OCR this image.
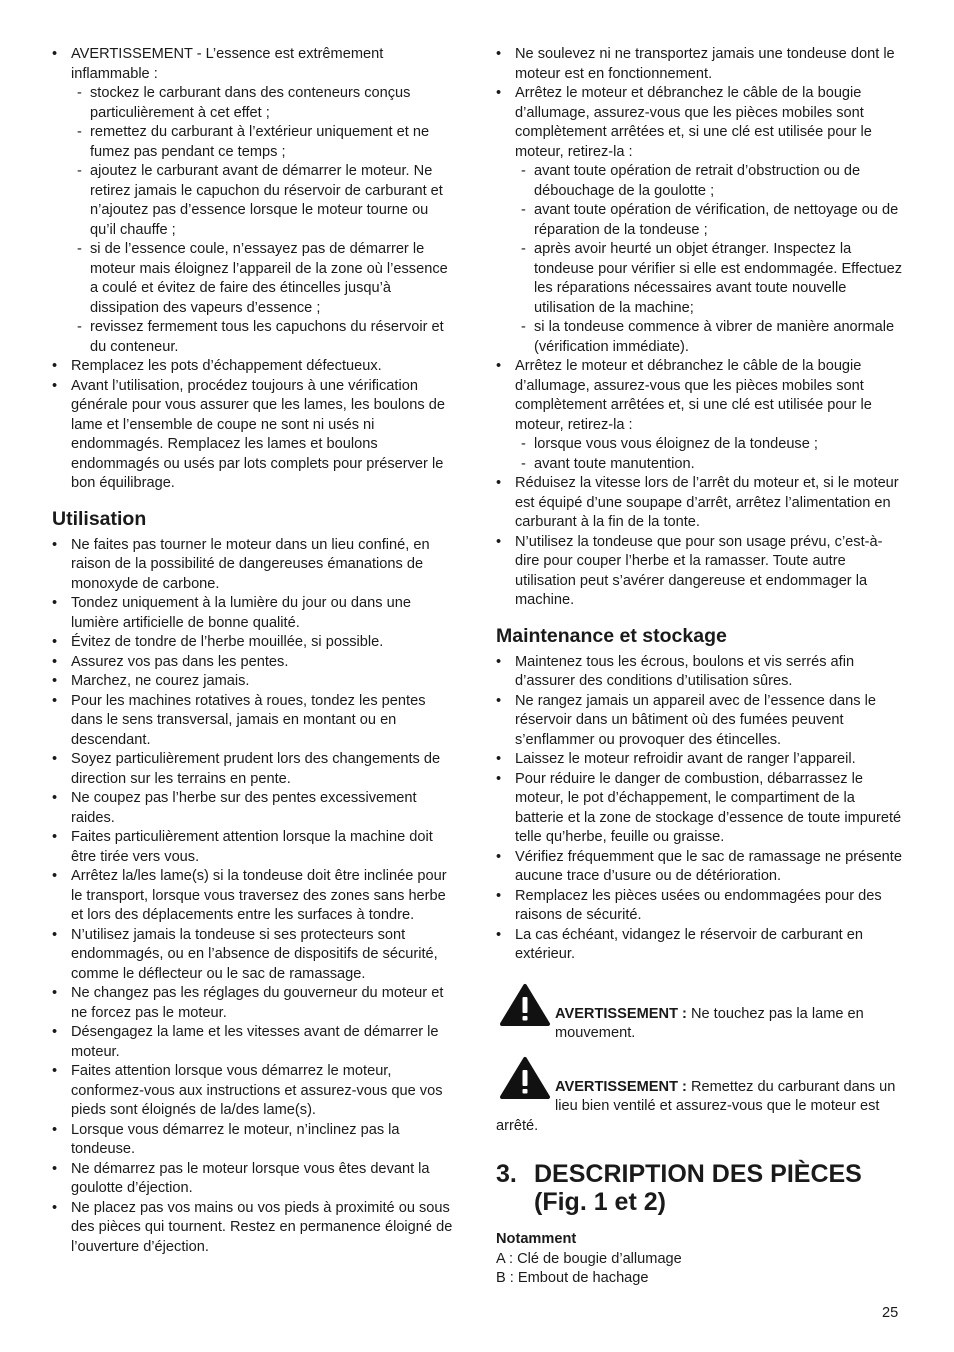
• AVERTISSEMENT - L’essence est extrêmement inflammable :
- stockez le carburant dans des conteneurs conçus particulièrement à cet effet ;
- remettez du carburant à l’extérieur uniquement et ne fumez pas pendant ce temps ;
- ajoutez le carburant avant de démarrer le moteur. Ne retirez jamais le capuchon du réservoir de carburant et n’ajoutez pas d’essence lorsque le moteur tourne ou qu’il chauffe ;
- si de l’essence coule, n’essayez pas de démarrer le moteur mais éloignez l’appareil de la zone où l’essence a coulé et évitez de faire des étincelles jusqu’à dissipation des vapeurs d’essence ;
- revissez fermement tous les capuchons du réservoir et du conteneur.
• Remplacez les pots d’échappement défectueux.
• Avant l’utilisation, procédez toujours à une vérification générale pour vous assurer que les lames, les boulons de lame et l’ensemble de coupe ne sont ni usés ni endommagés. Remplacez les lames et boulons endommagés ou usés par lots complets pour préserver le bon équilibrage.
Utilisation
• Ne faites pas tourner le moteur dans un lieu confiné, en raison de la possibilité de dangereuses émanations de monoxyde de carbone.
• Tondez uniquement à la lumière du jour ou dans une lumière artificielle de bonne qualité.
• Évitez de tondre de l’herbe mouillée, si possible.
• Assurez vos pas dans les pentes.
• Marchez, ne courez jamais.
• Pour les machines rotatives à roues, tondez les pentes dans le sens transversal, jamais en montant ou en descendant.
• Soyez particulièrement prudent lors des changements de direction sur les terrains en pente.
• Ne coupez pas l’herbe sur des pentes excessivement raides.
• Faites particulièrement attention lorsque la machine doit être tirée vers vous.
• Arrêtez la/les lame(s) si la tondeuse doit être inclinée pour le transport, lorsque vous traversez des zones sans herbe et lors des déplacements entre les surfaces à tondre.
• N’utilisez jamais la tondeuse si ses protecteurs sont endommagés, ou en l’absence de dispositifs de sécurité, comme le déflecteur ou le sac de ramassage.
• Ne changez pas les réglages du gouverneur du moteur et ne forcez pas le moteur.
• Désengagez la lame et les vitesses avant de démarrer le moteur.
• Faites attention lorsque vous démarrez le moteur, conformez-vous aux instructions et assurez-vous que vos pieds sont éloignés de la/des lame(s).
• Lorsque vous démarrez le moteur, n’inclinez pas la tondeuse.
• Ne démarrez pas le moteur lorsque vous êtes devant la goulotte d’éjection.
• Ne placez pas vos mains ou vos pieds à proximité ou sous des pièces qui tournent. Restez en permanence éloigné de l’ouverture d’éjection.
• Ne soulevez ni ne transportez jamais une tondeuse dont le moteur est en fonctionnement.
• Arrêtez le moteur et débranchez le câble de la bougie d’allumage, assurez-vous que les pièces mobiles sont complètement arrêtées et, si une clé est utilisée pour le moteur, retirez-la :
- avant toute opération de retrait d’obstruction ou de débouchage de la goulotte ;
- avant toute opération de vérification, de nettoyage ou de réparation de la tondeuse ;
- après avoir heurté un objet étranger. Inspectez la tondeuse pour vérifier si elle est endommagée. Effectuez les réparations nécessaires avant toute nouvelle utilisation de la machine;
- si la tondeuse commence à vibrer de manière anormale (vérification immédiate).
• Arrêtez le moteur et débranchez le câble de la bougie d’allumage, assurez-vous que les pièces mobiles sont complètement arrêtées et, si une clé est utilisée pour le moteur, retirez-la :
- lorsque vous vous éloignez de la tondeuse ;
- avant toute manutention.
• Réduisez la vitesse lors de l’arrêt du moteur et, si le moteur est équipé d’une soupape d’arrêt, arrêtez l’alimentation en carburant à la fin de la tonte.
• N’utilisez la tondeuse que pour son usage prévu, c’est-à-dire pour couper l’herbe et la ramasser. Toute autre utilisation peut s’avérer dangereuse et endommager la machine.
Maintenance et stockage
• Maintenez tous les écrous, boulons et vis serrés afin d’assurer des conditions d’utilisation sûres.
• Ne rangez jamais un appareil avec de l’essence dans le réservoir dans un bâtiment où des fumées peuvent s’enflammer ou provoquer des étincelles.
• Laissez le moteur refroidir avant de ranger l’appareil.
• Pour réduire le danger de combustion, débarrassez le moteur, le pot d’échappement, le compartiment de la batterie et la zone de stockage d’essence de toute impureté telle qu’herbe, feuille ou graisse.
• Vérifiez fréquemment que le sac de ramassage ne présente aucune trace d’usure ou de détérioration.
• Remplacez les pièces usées ou endommagées pour des raisons de sécurité.
• La cas échéant, vidangez le réservoir de carburant en extérieur.
AVERTISSEMENT : Ne touchez pas la lame en mouvement.
AVERTISSEMENT : Remettez du carburant dans un lieu bien ventilé et assurez-vous que le moteur est arrêté.
3. DESCRIPTION DES PIÈCES
(Fig. 1 et 2)
Notamment
A : Clé de bougie d’allumage
B : Embout de hachage
25
